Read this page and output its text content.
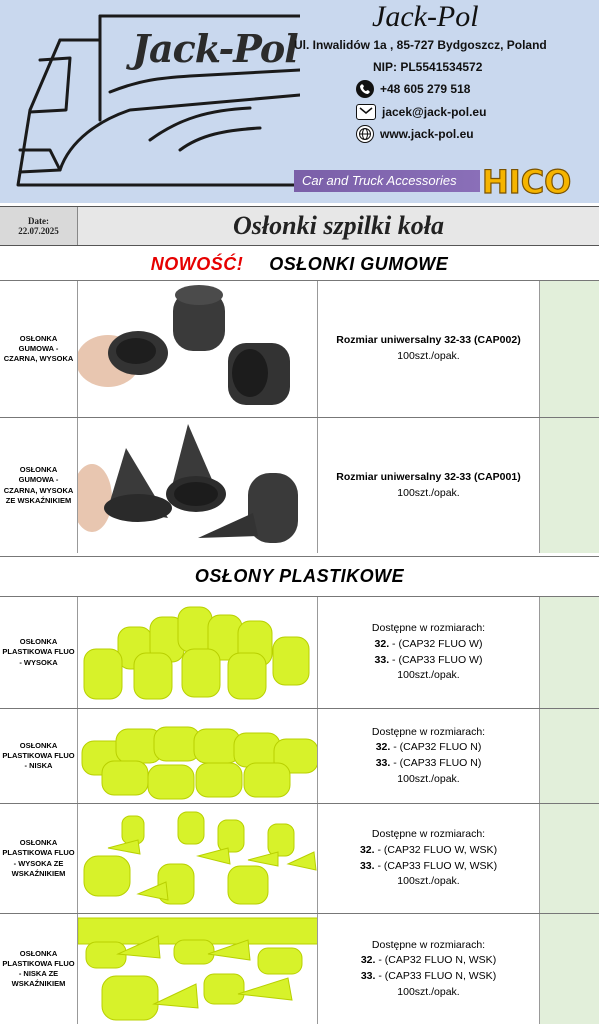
Jack-Pol
Jack-Pol
Ul. Inwalidów 1a , 85-727 Bydgoszcz, Poland
NIP: PL5541534572
+48 605 279 518
jacek@jack-pol.eu
www.jack-pol.eu
Car and Truck Accessories HICO
Date:
22.07.2025	Osłonki szpilki koła
NOWOŚĆ! OSŁONKI GUMOWE
OSŁONKA GUMOWA - CZARNA, WYSOKA
Rozmiar uniwersalny 32-33 (CAP002)
100szt./opak.
OSŁONKA GUMOWA - CZARNA, WYSOKA ZE WSKAŹNIKIEM
Rozmiar uniwersalny 32-33 (CAP001)
100szt./opak.
OSŁONY PLASTIKOWE
OSŁONKA PLASTIKOWA FLUO - WYSOKA
Dostępne w rozmiarach:
32. - (CAP32 FLUO W)
33. - (CAP33 FLUO W)
100szt./opak.
OSŁONKA PLASTIKOWA FLUO - NISKA
Dostępne w rozmiarach:
32. - (CAP32 FLUO N)
33. - (CAP33 FLUO N)
100szt./opak.
OSŁONKA PLASTIKOWA FLUO - WYSOKA ZE WSKAŹNIKIEM
Dostępne w rozmiarach:
32. - (CAP32 FLUO W, WSK)
33. - (CAP33 FLUO W, WSK)
100szt./opak.
OSŁONKA PLASTIKOWA FLUO - NISKA ZE WSKAŹNIKIEM
Dostępne w rozmiarach:
32. - (CAP32 FLUO N, WSK)
33. - (CAP33 FLUO N, WSK)
100szt./opak.
